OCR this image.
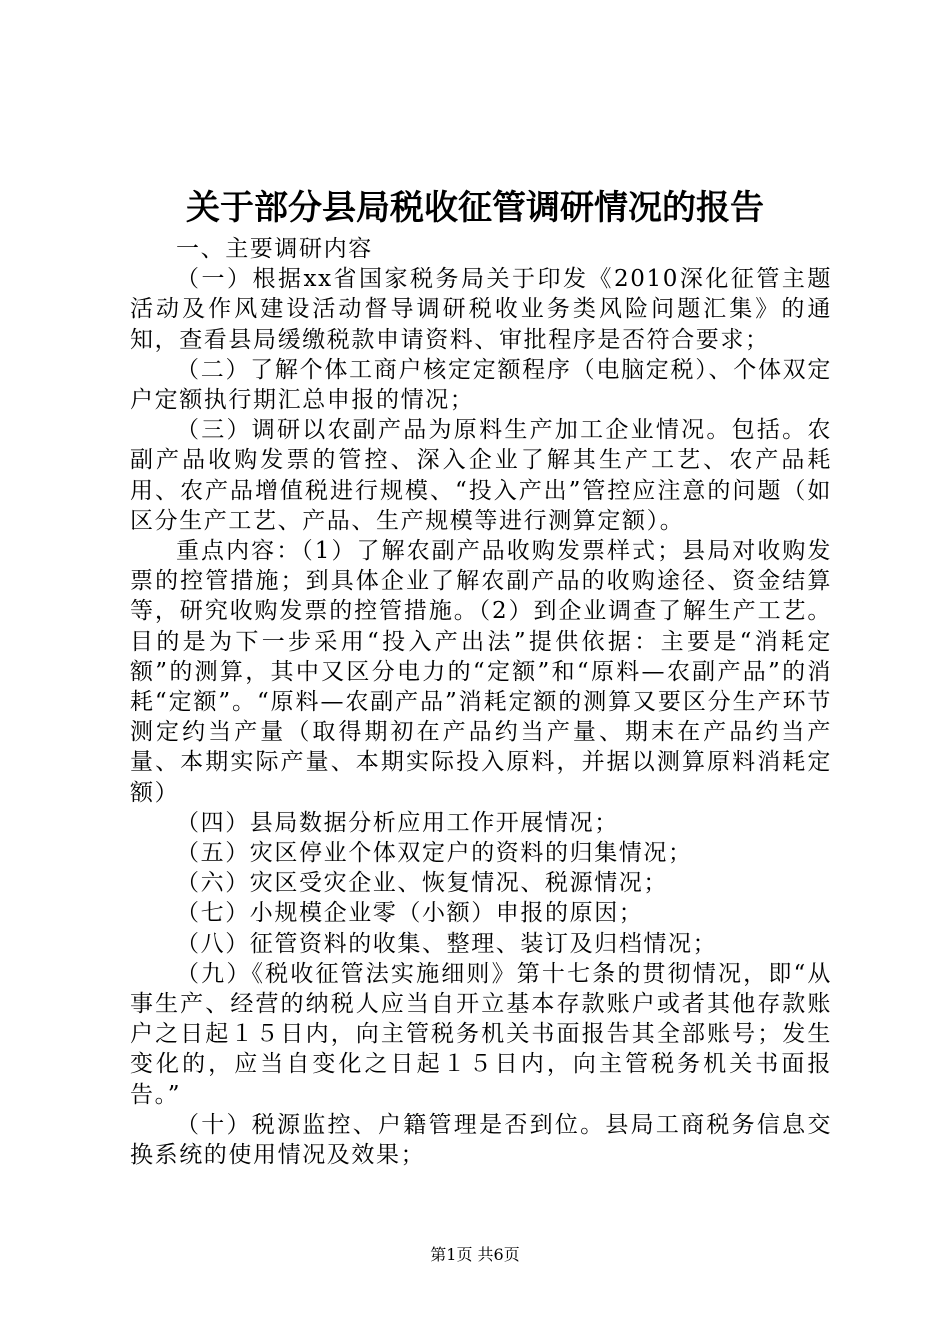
关于部分县局税收征管调研情况的报告

一、主要调研内容

（一）根据xx省国家税务局关于印发《2010深化征管主题活动及作风建设活动督导调研税收业务类风险问题汇集》的通知，查看县局缓缴税款申请资料、审批程序是否符合要求；

（二）了解个体工商户核定定额程序（电脑定税）、个体双定户定额执行期汇总申报的情况；

（三）调研以农副产品为原料生产加工企业情况。包括。农副产品收购发票的管控、深入企业了解其生产工艺、农产品耗用、农产品增值税进行规模、“投入产出”管控应注意的问题（如区分生产工艺、产品、生产规模等进行测算定额）。

重点内容：（1）了解农副产品收购发票样式；县局对收购发票的控管措施；到具体企业了解农副产品的收购途径、资金结算等，研究收购发票的控管措施。（2）到企业调查了解生产工艺。目的是为下一步采用“投入产出法”提供依据：主要是“消耗定额”的测算，其中又区分电力的“定额”和“原料—农副产品”的消耗“定额”。“原料—农副产品”消耗定额的测算又要区分生产环节测定约当产量（取得期初在产品约当产量、期末在产品约当产量、本期实际产量、本期实际投入原料，并据以测算原料消耗定额）

（四）县局数据分析应用工作开展情况；

（五）灾区停业个体双定户的资料的归集情况；

（六）灾区受灾企业、恢复情况、税源情况；

（七）小规模企业零（小额）申报的原因；

（八）征管资料的收集、整理、装订及归档情况；

（九）《税收征管法实施细则》第十七条的贯彻情况，即“从事生产、经营的纳税人应当自开立基本存款账户或者其他存款账户之日起１５日内，向主管税务机关书面报告其全部账号；发生变化的，应当自变化之日起１５日内，向主管税务机关书面报告。”

（十）税源监控、户籍管理是否到位。县局工商税务信息交换系统的使用情况及效果；

第1页 共6页
